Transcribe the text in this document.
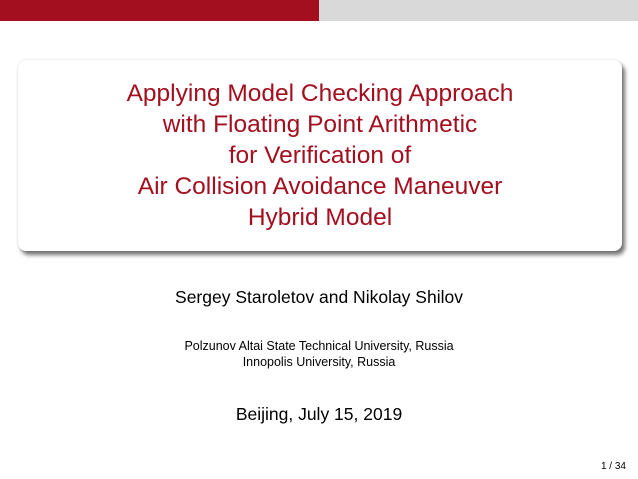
Applying Model Checking Approach
with Floating Point Arithmetic
for Verification of
Air Collision Avoidance Maneuver
Hybrid Model
Sergey Staroletov and Nikolay Shilov
Polzunov Altai State Technical University, Russia
Innopolis University, Russia
Beijing, July 15, 2019
1 / 34
